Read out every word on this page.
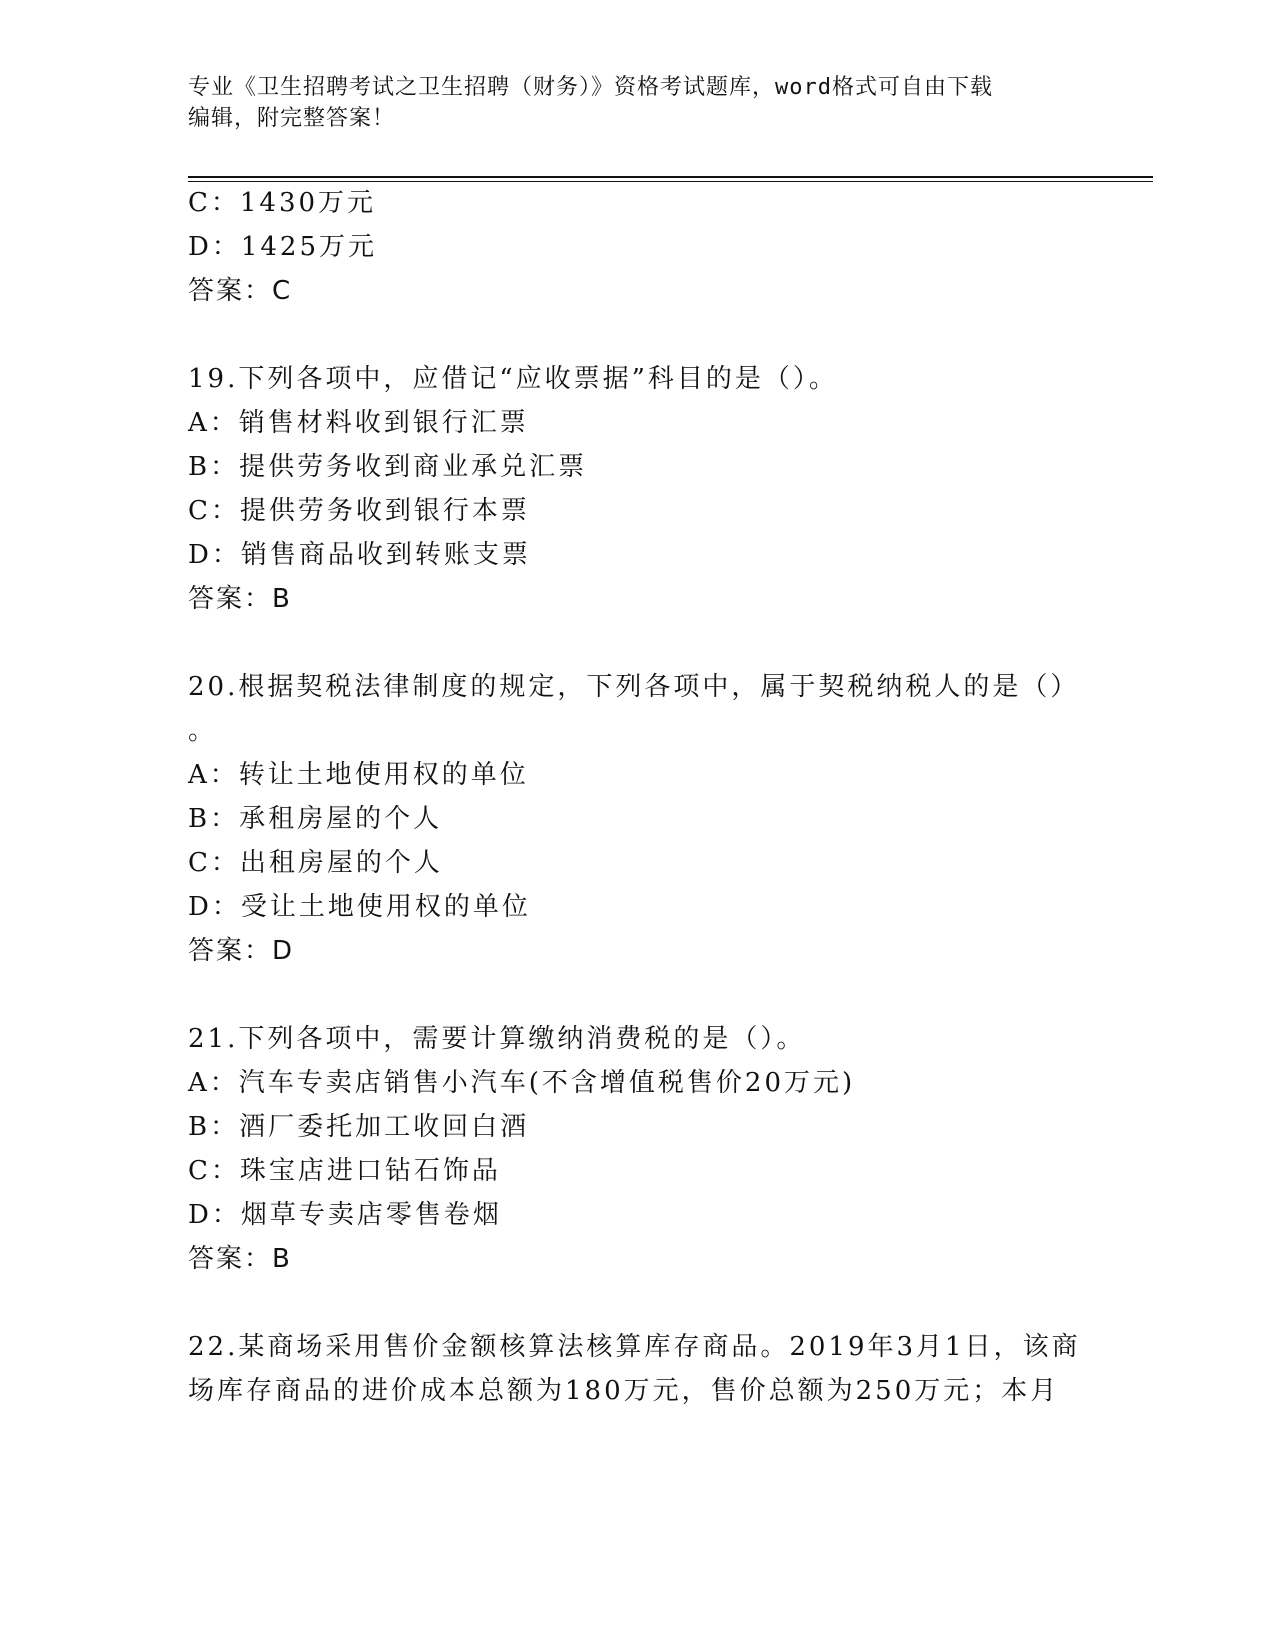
专业《卫生招聘考试之卫生招聘（财务）》资格考试题库，word格式可自由下载
编辑，附完整答案！
C：1430万元
D：1425万元
答案：C
19.下列各项中，应借记“应收票据”科目的是（）。
A：销售材料收到银行汇票
B：提供劳务收到商业承兑汇票
C：提供劳务收到银行本票
D：销售商品收到转账支票
答案：B
20.根据契税法律制度的规定，下列各项中，属于契税纳税人的是（）
。
A：转让土地使用权的单位
B：承租房屋的个人
C：出租房屋的个人
D：受让土地使用权的单位
答案：D
21.下列各项中，需要计算缴纳消费税的是（）。
A：汽车专卖店销售小汽车(不含增值税售价20万元)
B：酒厂委托加工收回白酒
C：珠宝店进口钻石饰品
D：烟草专卖店零售卷烟
答案：B
22.某商场采用售价金额核算法核算库存商品。2019年3月1日，该商
场库存商品的进价成本总额为180万元，售价总额为250万元；本月
